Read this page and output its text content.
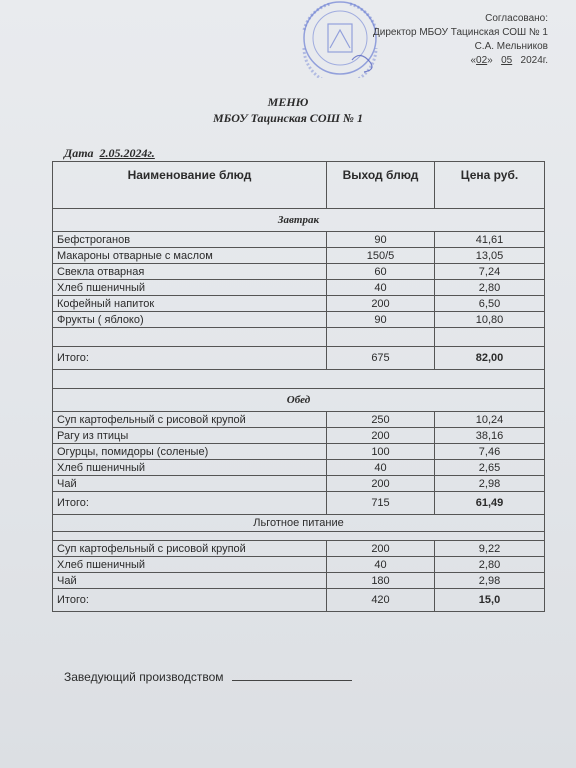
Согласовано:
Директор МБОУ Тацинская СОШ № 1
С.А. Мельников
«02»   05 2024г.
МЕНЮ
МБОУ Тацинская СОШ № 1
Дата 2.05.2024г.
Наименование блюд	Выход блюд	Цена руб.
Завтрак		
Бефстроганов	90	41,61
Макароны отварные с маслом	150/5	13,05
Свекла отварная	60	7,24
Хлеб пшеничный	40	2,80
Кофейный напиток	200	6,50
Фрукты ( яблоко)	90	10,80

Итого:	675	82,00

Обед		
Суп картофельный с рисовой крупой	250	10,24
Рагу из птицы	200	38,16
Огурцы, помидоры (соленые)	100	7,46
Хлеб пшеничный	40	2,65
Чай	200	2,98
Итого:	715	61,49
Льготное питание		

Суп картофельный с рисовой крупой	200	9,22
Хлеб пшеничный	40	2,80
Чай	180	2,98
Итого:	420	15,0
Заведующий производством
